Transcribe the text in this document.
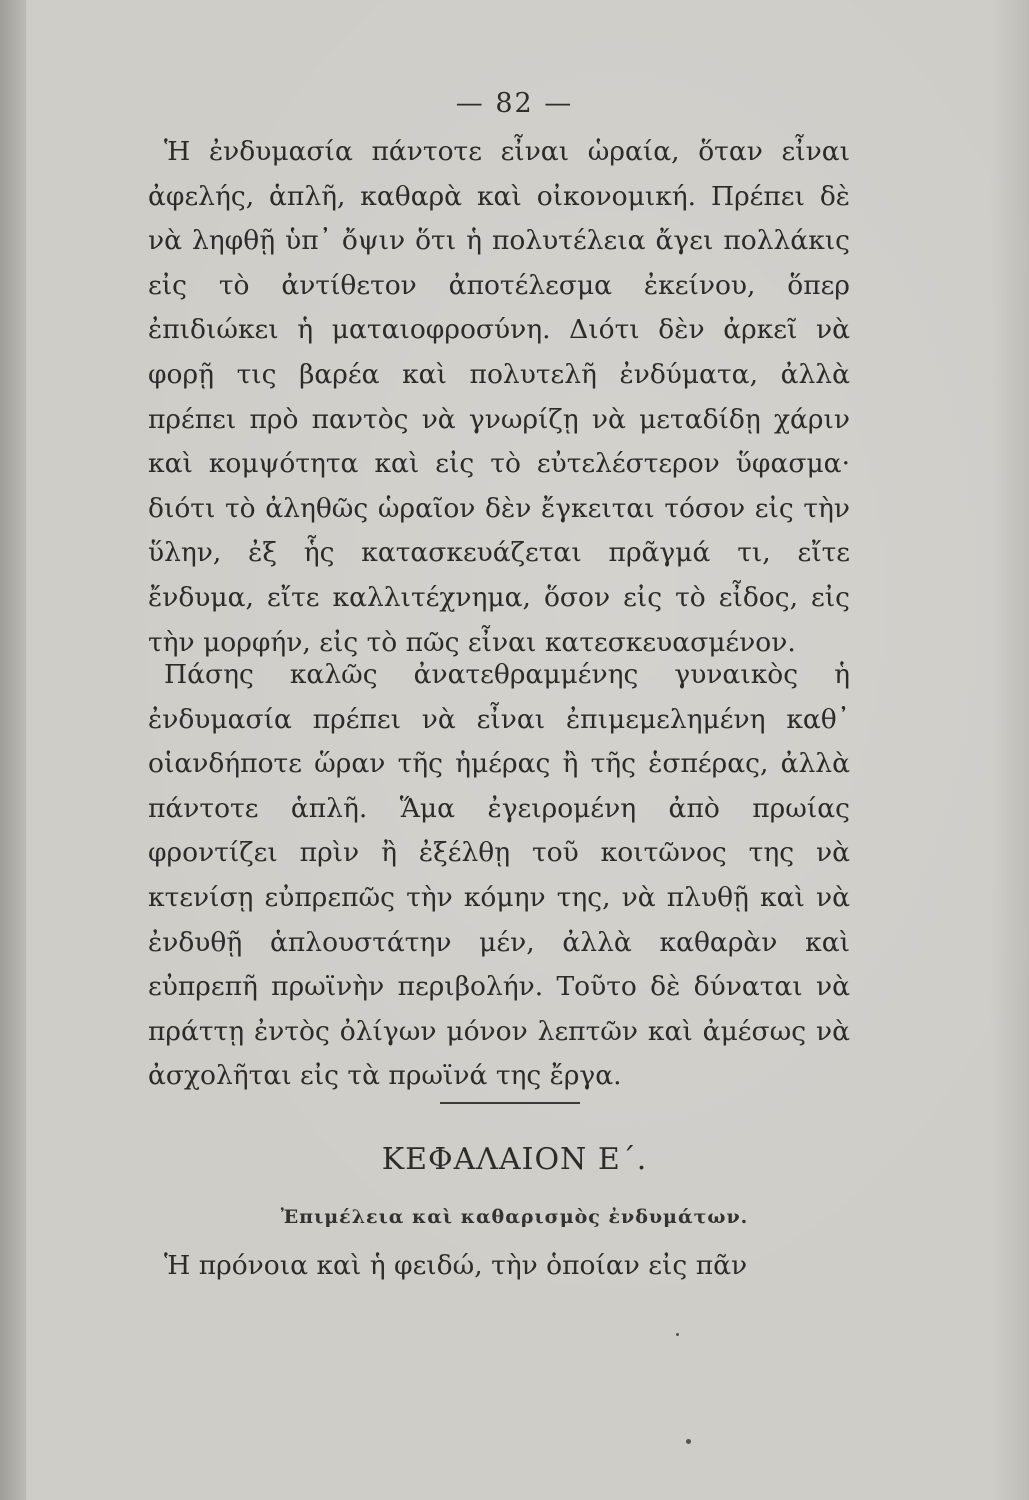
— 82 —

Ἡ ἐνδυμασία πάντοτε εἶναι ὡραία, ὅταν εἶναι ἀφελής, ἁπλῆ, καθαρὰ καὶ οἰκονομική. Πρέπει δὲ νὰ ληφθῇ ὑπ᾽ ὄψιν ὅτι ἡ πολυτέλεια ἄγει πολλάκις εἰς τὸ ἀντίθετον ἀποτέλεσμα ἐκείνου, ὅπερ ἐπιδιώκει ἡ ματαιοφροσύνη. Διότι δὲν ἀρκεῖ νὰ φορῇ τις βαρέα καὶ πολυτελῆ ἐνδύματα, ἀλλὰ πρέπει πρὸ παντὸς νὰ γνωρίζῃ νὰ μεταδίδῃ χάριν καὶ κομψότητα καὶ εἰς τὸ εὐτελέστερον ὕφασμα· διότι τὸ ἀληθῶς ὡραῖον δὲν ἔγκειται τόσον εἰς τὴν ὕλην, ἐξ ἧς κατασκευάζεται πρᾶγμά τι, εἴτε ἔνδυμα, εἴτε καλλιτέχνημα, ὅσον εἰς τὸ εἶδος, εἰς τὴν μορφήν, εἰς τὸ πῶς εἶναι κατεσκευασμένον.

Πάσης καλῶς ἀνατεθραμμένης γυναικὸς ἡ ἐνδυμασία πρέπει νὰ εἶναι ἐπιμεμελημένη καθ᾽ οἱανδήποτε ὥραν τῆς ἡμέρας ἢ τῆς ἑσπέρας, ἀλλὰ πάντοτε ἁπλῆ. Ἅμα ἐγειρομένη ἀπὸ πρωίας φροντίζει πρὶν ἢ ἐξέλθῃ τοῦ κοιτῶνος της νὰ κτενίσῃ εὐπρεπῶς τὴν κόμην της, νὰ πλυθῇ καὶ νὰ ἐνδυθῇ ἁπλουστάτην μέν, ἀλλὰ καθαρὰν καὶ εὐπρεπῆ πρωϊνὴν περιβολήν. Τοῦτο δὲ δύναται νὰ πράττῃ ἐντὸς ὀλίγων μόνον λεπτῶν καὶ ἀμέσως νὰ ἀσχολῆται εἰς τὰ πρωϊνά της ἔργα.

ΚΕΦΑΛΑΙΟΝ Ε΄.
Ἐπιμέλεια καὶ καθαρισμὸς ἐνδυμάτων.

Ἡ πρόνοια καὶ ἡ φειδώ, τὴν ὁποίαν εἰς πᾶν
